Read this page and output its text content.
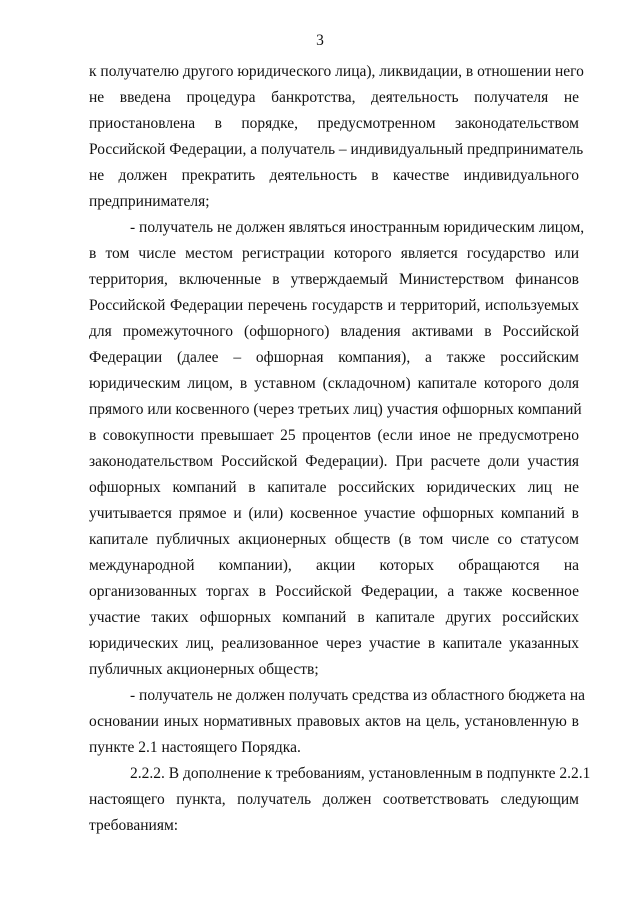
3
к получателю другого юридического лица), ликвидации, в отношении него
не введена процедура банкротства, деятельность получателя не
приостановлена в порядке, предусмотренном законодательством
Российской Федерации, а получатель – индивидуальный предприниматель
не должен прекратить деятельность в качестве индивидуального
предпринимателя;
- получатель не должен являться иностранным юридическим лицом,
в том числе местом регистрации которого является государство или
территория, включенные в утверждаемый Министерством финансов
Российской Федерации перечень государств и территорий, используемых
для промежуточного (офшорного) владения активами в Российской
Федерации (далее – офшорная компания), а также российским
юридическим лицом, в уставном (складочном) капитале которого доля
прямого или косвенного (через третьих лиц) участия офшорных компаний
в совокупности превышает 25 процентов (если иное не предусмотрено
законодательством Российской Федерации). При расчете доли участия
офшорных компаний в капитале российских юридических лиц не
учитывается прямое и (или) косвенное участие офшорных компаний в
капитале публичных акционерных обществ (в том числе со статусом
международной компании), акции которых обращаются на
организованных торгах в Российской Федерации, а также косвенное
участие таких офшорных компаний в капитале других российских
юридических лиц, реализованное через участие в капитале указанных
публичных акционерных обществ;
- получатель не должен получать средства из областного бюджета на
основании иных нормативных правовых актов на цель, установленную в
пункте 2.1 настоящего Порядка.
2.2.2. В дополнение к требованиям, установленным в подпункте 2.2.1
настоящего пункта, получатель должен соответствовать следующим
требованиям:
